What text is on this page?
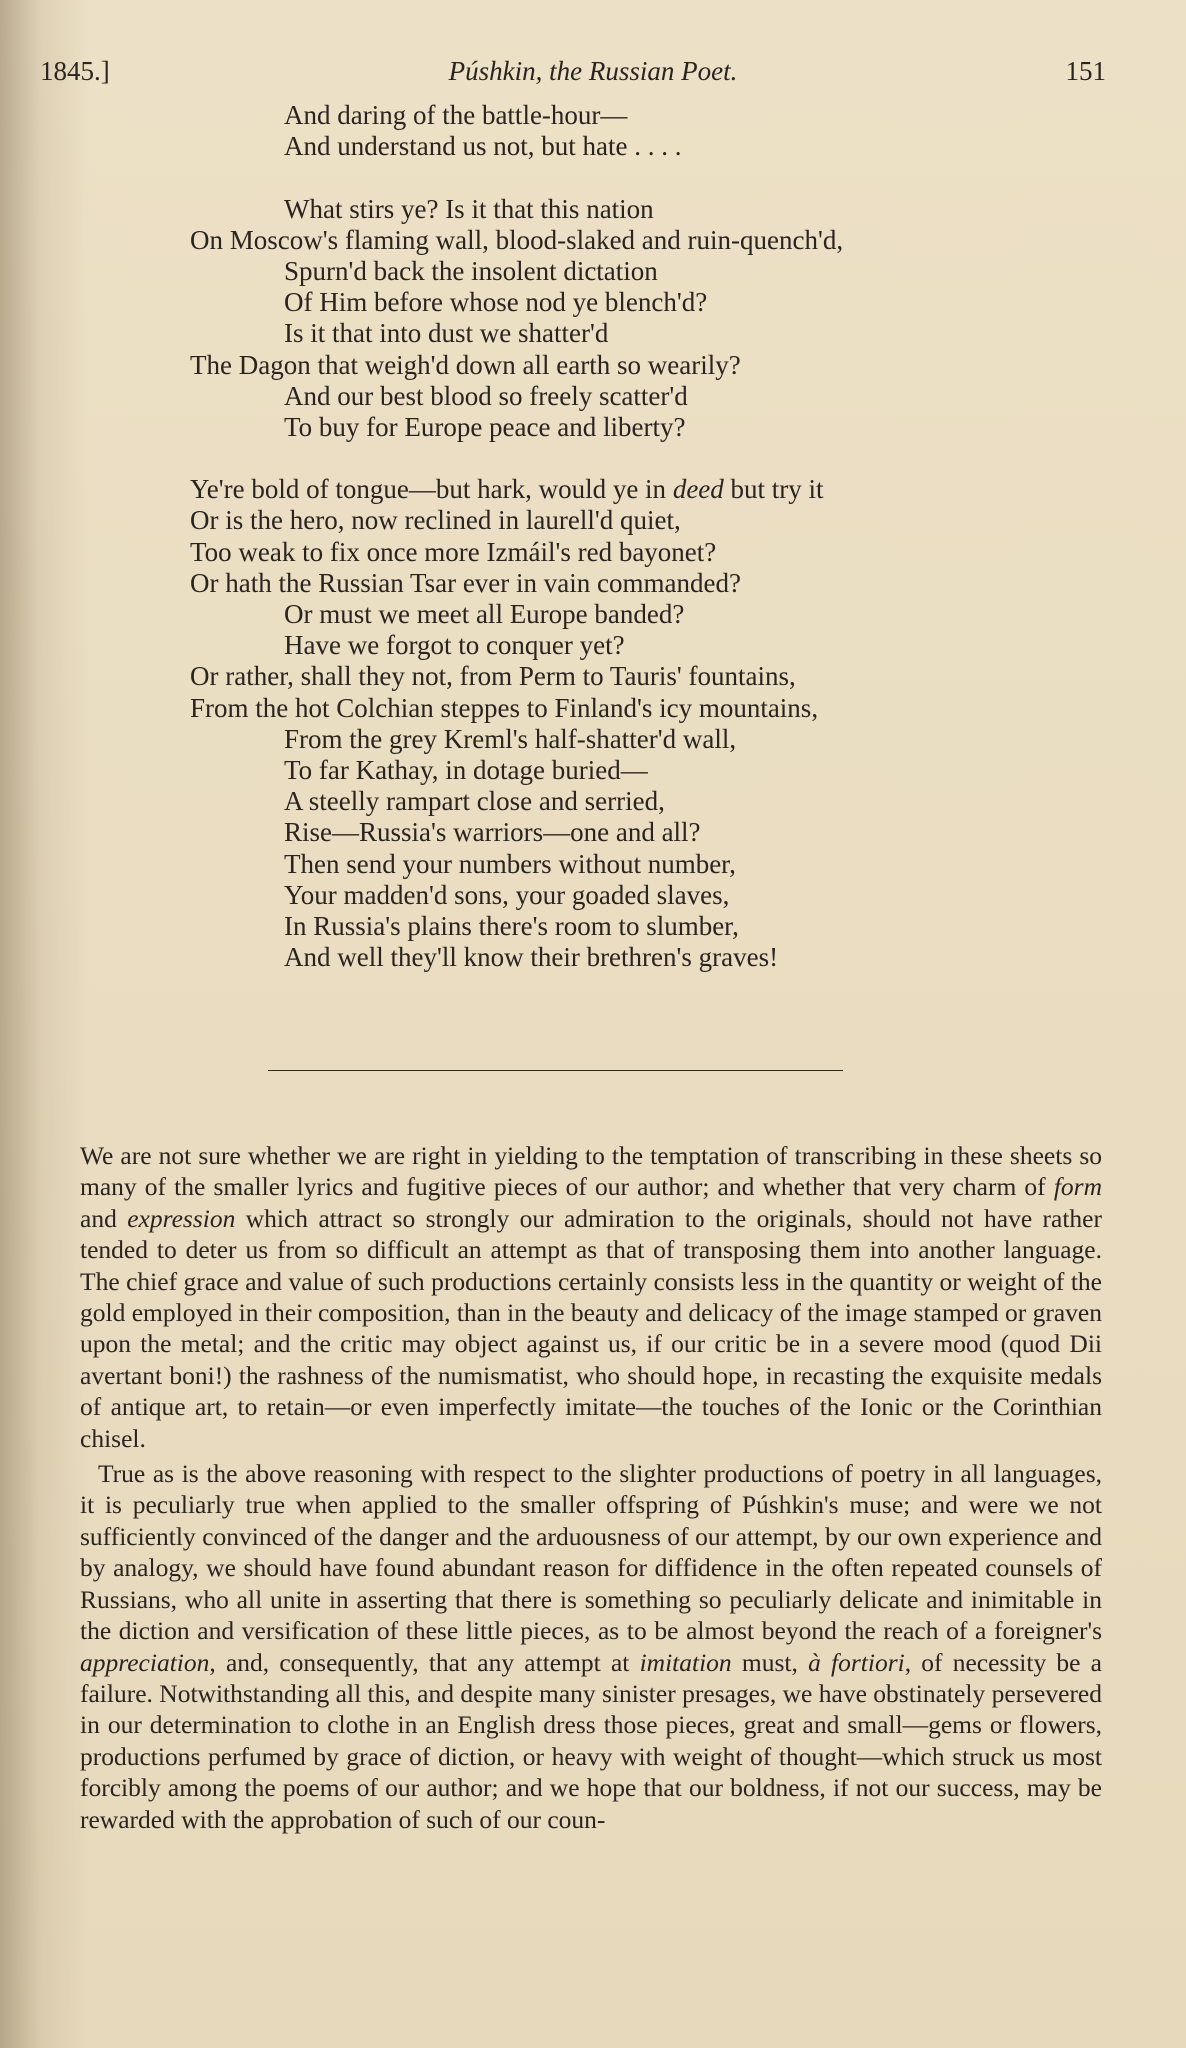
1845.]	Púshkin, the Russian Poet.	151
And daring of the battle-hour—
And understand us not, but hate . . . .
What stirs ye? Is it that this nation
On Moscow's flaming wall, blood-slaked and ruin-quench'd,
Spurn'd back the insolent dictation
Of Him before whose nod ye blench'd?
Is it that into dust we shatter'd
The Dagon that weigh'd down all earth so wearily?
And our best blood so freely scatter'd
To buy for Europe peace and liberty?
Ye're bold of tongue—but hark, would ye in deed but try it
Or is the hero, now reclined in laurell'd quiet,
Too weak to fix once more Izmáil's red bayonet?
Or hath the Russian Tsar ever in vain commanded?
Or must we meet all Europe banded?
Have we forgot to conquer yet?
Or rather, shall they not, from Perm to Tauris' fountains,
From the hot Colchian steppes to Finland's icy mountains,
From the grey Kreml's half-shatter'd wall,
To far Kathay, in dotage buried—
A steelly rampart close and serried,
Rise—Russia's warriors—one and all?
Then send your numbers without number,
Your madden'd sons, your goaded slaves,
In Russia's plains there's room to slumber,
And well they'll know their brethren's graves!

We are not sure whether we are right in yielding to the temptation of transcribing in these sheets so many of the smaller lyrics and fugitive pieces of our author; and whether that very charm of form and expression which attract so strongly our admiration to the originals, should not have rather tended to deter us from so difficult an attempt as that of transposing them into another language. The chief grace and value of such productions certainly consists less in the quantity or weight of the gold employed in their composition, than in the beauty and delicacy of the image stamped or graven upon the metal; and the critic may object against us, if our critic be in a severe mood (quod Dii avertant boni!) the rashness of the numismatist, who should hope, in recasting the exquisite medals of antique art, to retain—or even imperfectly imitate—the touches of the Ionic or the Corinthian chisel.

True as is the above reasoning with respect to the slighter productions of poetry in all languages, it is peculiarly true when applied to the smaller offspring of Púshkin's muse; and were we not sufficiently convinced of the danger and the arduousness of our attempt, by our own experience and by analogy, we should have found abundant reason for diffidence in the often repeated counsels of Russians, who all unite in asserting that there is something so peculiarly delicate and inimitable in the diction and versification of these little pieces, as to be almost beyond the reach of a foreigner's appreciation, and, consequently, that any attempt at imitation must, à fortiori, of necessity be a failure. Notwithstanding all this, and despite many sinister presages, we have obstinately persevered in our determination to clothe in an English dress those pieces, great and small—gems or flowers, productions perfumed by grace of diction, or heavy with weight of thought—which struck us most forcibly among the poems of our author; and we hope that our boldness, if not our success, may be rewarded with the approbation of such of our coun-
